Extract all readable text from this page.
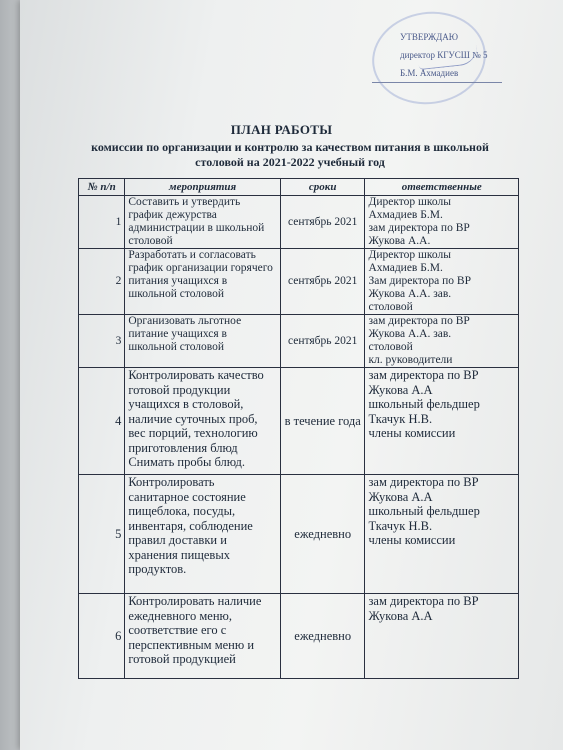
УТВЕРЖДАЮ
директор КГУСШ № 5
Б.М. Ахмадиев
ПЛАН РАБОТЫ
комиссии по организации и контролю за качеством питания в школьной
столовой на 2021-2022 учебный год
№ п/п	мероприятия	сроки	ответственные
1	Составить и утвердить график дежурства администрации в школьной столовой	сентябрь 2021	Директор школы
Ахмадиев Б.М.
зам директора по ВР
Жукова А.А.

2	Разработать и согласовать график организации горячего питания учащихся в школьной столовой	сентябрь 2021	Директор школы
Ахмадиев Б.М.
Зам директора по ВР
Жукова А.А. зав.
столовой

3	Организовать льготное питание учащихся в школьной столовой	сентябрь 2021	зам директора по ВР
Жукова А.А. зав.
столовой
кл. руководители

4	Контролировать качество готовой продукции учащихся в столовой, наличие суточных проб, вес порций, технологию приготовления блюд
Снимать пробы блюд.	в течение года	зам директора по ВР
Жукова А.А
школьный фельдшер
Ткачук Н.В.
члены комиссии

5	Контролировать санитарное состояние пищеблока, посуды, инвентаря, соблюдение правил доставки и хранения пищевых продуктов.	ежедневно	зам директора по ВР
Жукова А.А
школьный фельдшер
Ткачук Н.В.
члены комиссии

6	Контролировать наличие ежедневного меню, соответствие его с перспективным меню и готовой продукцией	ежедневно	зам директора по ВР
Жукова А.А
